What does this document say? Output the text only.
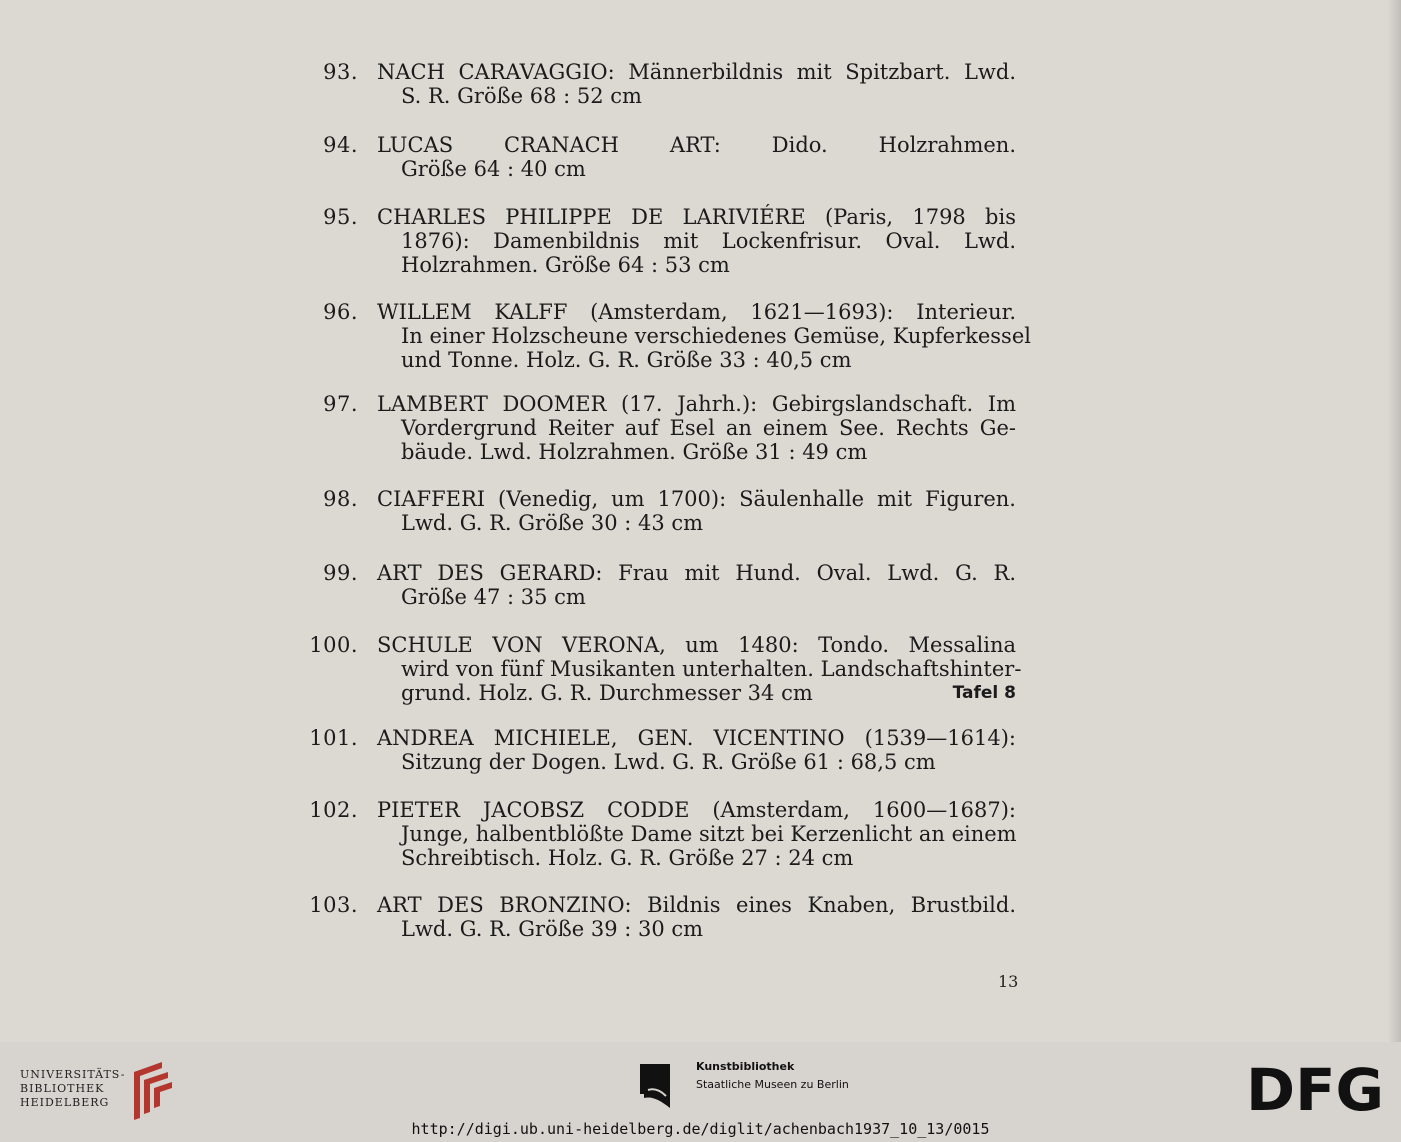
93. NACH CARAVAGGIO: Männerbildnis mit Spitzbart. Lwd.
S. R. Größe 68 : 52 cm
94. LUCAS CRANACH ART: Dido. Holzrahmen.
Größe 64 : 40 cm
95. CHARLES PHILIPPE DE LARIVIÉRE (Paris, 1798 bis
1876): Damenbildnis mit Lockenfrisur. Oval. Lwd.
Holzrahmen. Größe 64 : 53 cm
96. WILLEM KALFF (Amsterdam, 1621—1693): Interieur.
In einer Holzscheune verschiedenes Gemüse, Kupferkessel
und Tonne. Holz. G. R. Größe 33 : 40,5 cm
97. LAMBERT DOOMER (17. Jahrh.): Gebirgslandschaft. Im
Vordergrund Reiter auf Esel an einem See. Rechts Ge-
bäude. Lwd. Holzrahmen. Größe 31 : 49 cm
98. CIAFFERI (Venedig, um 1700): Säulenhalle mit Figuren.
Lwd. G. R. Größe 30 : 43 cm
99. ART DES GERARD: Frau mit Hund. Oval. Lwd. G. R.
Größe 47 : 35 cm
100. SCHULE VON VERONA, um 1480: Tondo. Messalina
wird von fünf Musikanten unterhalten. Landschaftshinter-
grund. Holz. G. R. Durchmesser 34 cm	Tafel 8
101. ANDREA MICHIELE, GEN. VICENTINO (1539—1614):
Sitzung der Dogen. Lwd. G. R. Größe 61 : 68,5 cm
102. PIETER JACOBSZ CODDE (Amsterdam, 1600—1687):
Junge, halbentblößte Dame sitzt bei Kerzenlicht an einem
Schreibtisch. Holz. G. R. Größe 27 : 24 cm
103. ART DES BRONZINO: Bildnis eines Knaben, Brustbild.
Lwd. G. R. Größe 39 : 30 cm
13
UNIVERSITÄTS-
BIBLIOTHEK
HEIDELBERG
Kunstbibliothek
Staatliche Museen zu Berlin	DFG
http://digi.ub.uni-heidelberg.de/diglit/achenbach1937_10_13/0015
